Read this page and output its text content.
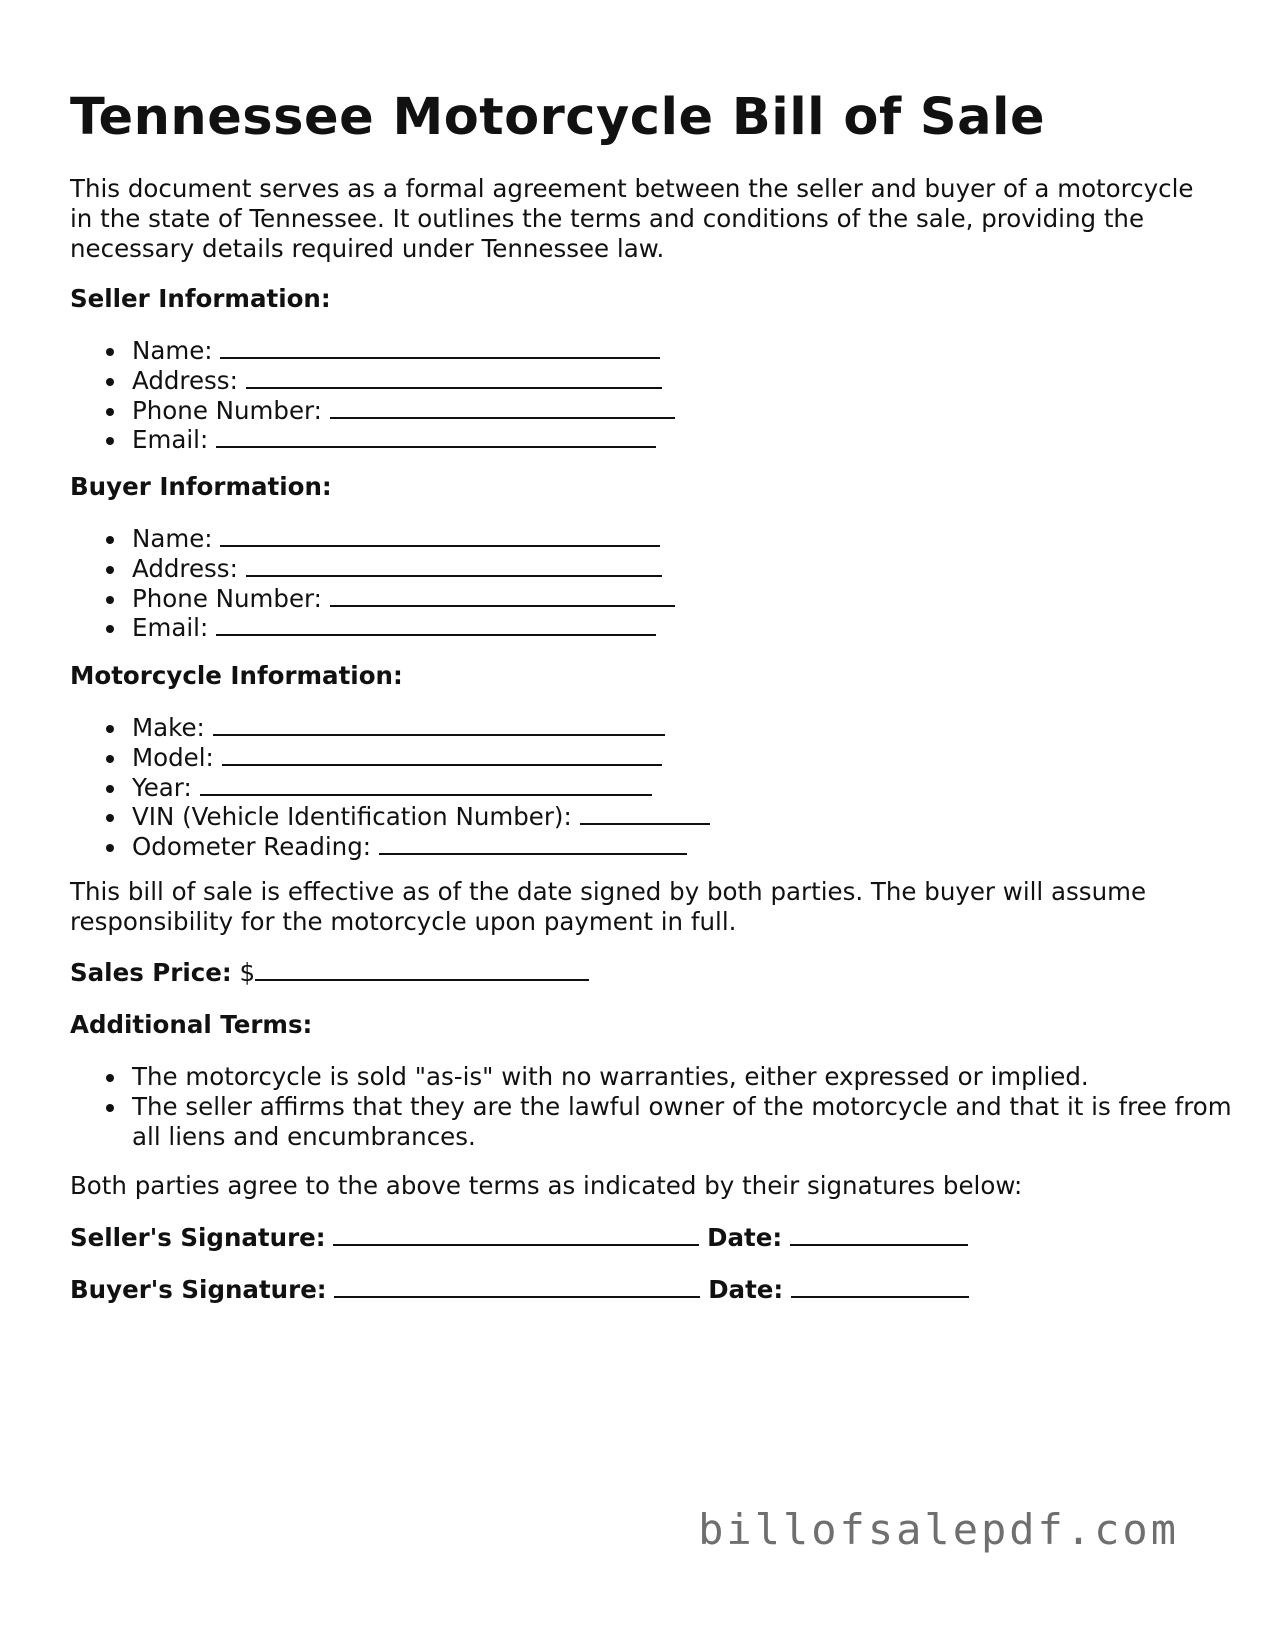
Tennessee Motorcycle Bill of Sale

This document serves as a formal agreement between the seller and buyer of a motorcycle in the state of Tennessee. It outlines the terms and conditions of the sale, providing the necessary details required under Tennessee law.

Seller Information:

Name:
Address:
Phone Number:
Email:

Buyer Information:

Name:
Address:
Phone Number:
Email:

Motorcycle Information:

Make:
Model:
Year:
VIN (Vehicle Identification Number):
Odometer Reading:

This bill of sale is effective as of the date signed by both parties. The buyer will assume responsibility for the motorcycle upon payment in full.

Sales Price: $

Additional Terms:

The motorcycle is sold "as-is" with no warranties, either expressed or implied.
The seller affirms that they are the lawful owner of the motorcycle and that it is free from all liens and encumbrances.

Both parties agree to the above terms as indicated by their signatures below:

Seller's Signature:	Date:

Buyer's Signature:	Date:

billofsalepdf.com
